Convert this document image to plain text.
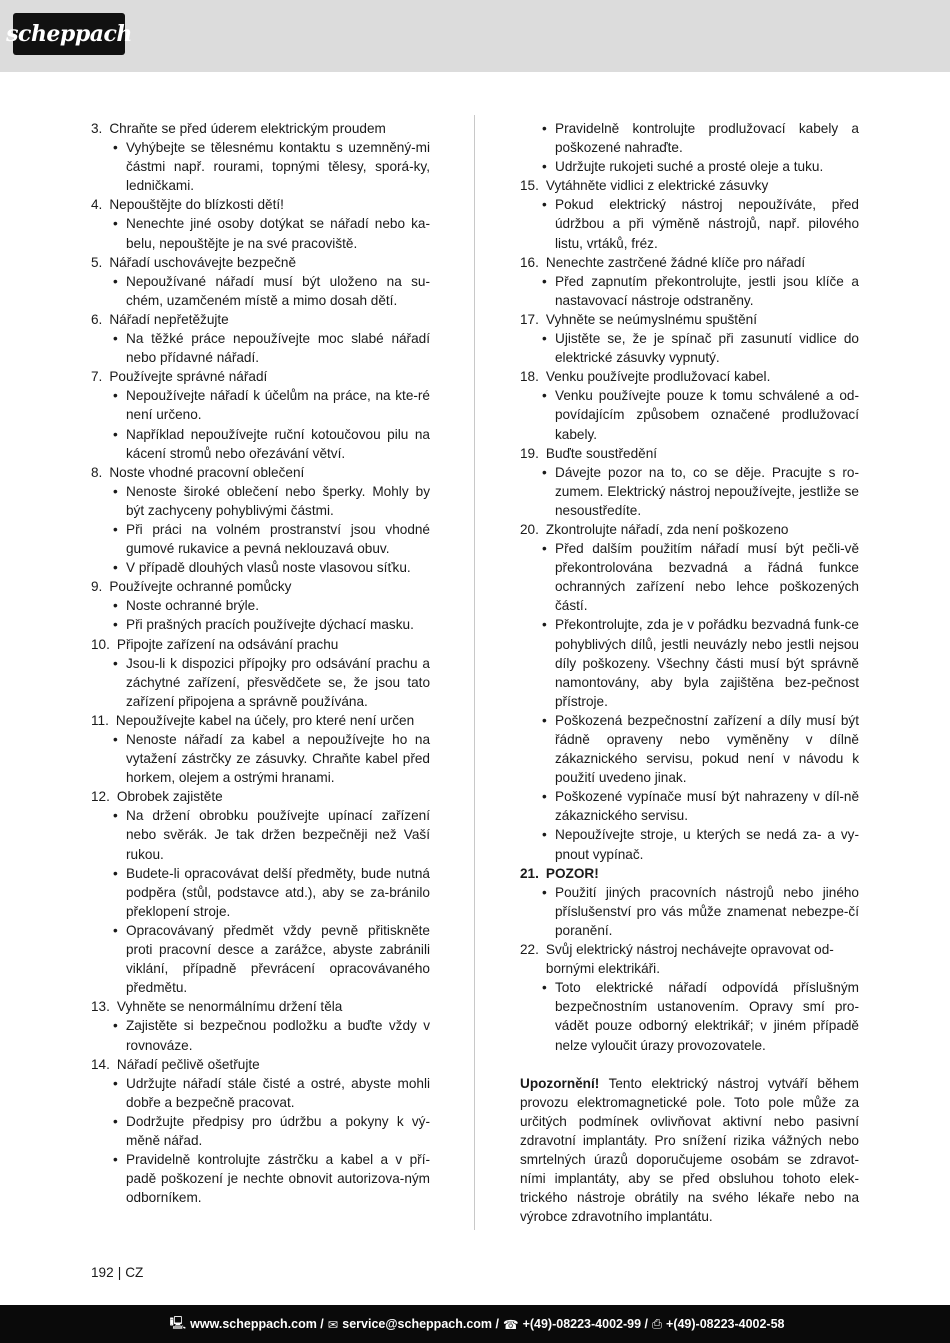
scheppach
3. Chraňte se před úderem elektrickým proudem
• Vyhýbejte se tělesnému kontaktu s uzemněný-mi částmi např. rourami, topnými tělesy, sporá-ky, ledničkami.
4. Nepouštějte do blízkosti dětí!
• Nenechte jiné osoby dotýkat se nářadí nebo ka-belu, nepouštějte je na své pracoviště.
5. Nářadí uschovávejte bezpečně
• Nepoužívané nářadí musí být uloženo na su-chém, uzamčeném místě a mimo dosah dětí.
6. Nářadí nepřetěžujte
• Na těžké práce nepoužívejte moc slabé nářadí nebo přídavné nářadí.
7. Používejte správné nářadí
• Nepoužívejte nářadí k účelům na práce, na kte-ré není určeno.
• Například nepoužívejte ruční kotoučovou pilu na kácení stromů nebo ořezávání větví.
8. Noste vhodné pracovní oblečení
• Nenoste široké oblečení nebo šperky. Mohly by být zachyceny pohyblivými částmi.
• Při práci na volném prostranství jsou vhodné gumové rukavice a pevná neklouzavá obuv.
• V případě dlouhých vlasů noste vlasovou síťku.
9. Používejte ochranné pomůcky
• Noste ochranné brýle.
• Při prašných pracích používejte dýchací masku.
10. Připojte zařízení na odsávání prachu
• Jsou-li k dispozici přípojky pro odsávání prachu a záchytné zařízení, přesvědčete se, že jsou tato zařízení připojena a správně používána.
11. Nepoužívejte kabel na účely, pro které není určen
• Nenoste nářadí za kabel a nepoužívejte ho na vytažení zástrčky ze zásuvky. Chraňte kabel před horkem, olejem a ostrými hranami.
12. Obrobek zajistěte
• Na držení obrobku používejte upínací zařízení nebo svěrák. Je tak držen bezpečněji než Vaší rukou.
• Budete-li opracovávat delší předměty, bude nutná podpěra (stůl, podstavce atd.), aby se za-bránilo překlopení stroje.
• Opracovávaný předmět vždy pevně přitiskněte proti pracovní desce a zarážce, abyste zabránili viklání, případně převrácení opracovávaného předmětu.
13. Vyhněte se nenormálnímu držení těla
• Zajistěte si bezpečnou podložku a buďte vždy v rovnováze.
14. Nářadí pečlivě ošetřujte
• Udržujte nářadí stále čisté a ostré, abyste mohli dobře a bezpečně pracovat.
• Dodržujte předpisy pro údržbu a pokyny k vý-měně nářad.
• Pravidelně kontrolujte zástrčku a kabel a v pří-padě poškození je nechte obnovit autorizova-ným odborníkem.
• Pravidelně kontrolujte prodlužovací kabely a poškozené nahraďte.
• Udržujte rukojeti suché a prosté oleje a tuku.
15. Vytáhněte vidlici z elektrické zásuvky
• Pokud elektrický nástroj nepoužíváte, před údržbou a při výměně nástrojů, např. pilového listu, vrtáků, fréz.
16. Nenechte zastrčené žádné klíče pro nářadí
• Před zapnutím překontrolujte, jestli jsou klíče a nastavovací nástroje odstraněny.
17. Vyhněte se neúmyslnému spuštění
• Ujistěte se, že je spínač při zasunutí vidlice do elektrické zásuvky vypnutý.
18. Venku používejte prodlužovací kabel.
• Venku používejte pouze k tomu schválené a od-povídajícím způsobem označené prodlužovací kabely.
19. Buďte soustředění
• Dávejte pozor na to, co se děje. Pracujte s ro-zumem. Elektrický nástroj nepoužívejte, jestliže se nesoustředíte.
20. Zkontrolujte nářadí, zda není poškozeno
• Před dalším použitím nářadí musí být pečli-vě překontrolována bezvadná a řádná funkce ochranných zařízení nebo lehce poškozených částí.
• Překontrolujte, zda je v pořádku bezvadná funk-ce pohyblivých dílů, jestli neuvázly nebo jestli nejsou díly poškozeny. Všechny části musí být správně namontovány, aby byla zajištěna bez-pečnost přístroje.
• Poškozená bezpečnostní zařízení a díly musí být řádně opraveny nebo vyměněny v dílně zákaznického servisu, pokud není v návodu k použití uvedeno jinak.
• Poškozené vypínače musí být nahrazeny v díl-ně zákaznického servisu.
• Nepoužívejte stroje, u kterých se nedá za- a vy-pnout vypínač.
21. POZOR!
• Použití jiných pracovních nástrojů nebo jiného příslušenství pro vás může znamenat nebezpe-čí poranění.
22. Svůj elektrický nástroj nechávejte opravovat od-bornými elektrikáři.
• Toto elektrické nářadí odpovídá příslušným bezpečnostním ustanovením. Opravy smí pro-vádět pouze odborný elektrikář; v jiném případě nelze vyloučit úrazy provozovatele.
Upozornění! Tento elektrický nástroj vytváří během provozu elektromagnetické pole. Toto pole může za určitých podmínek ovlivňovat aktivní nebo pasivní zdravotní implantáty. Pro snížení rizika vážných nebo smrtelných úrazů doporučujeme osobám se zdravot-ními implantáty, aby se před obsluhou tohoto elek-trického nástroje obrátily na svého lékaře nebo na výrobce zdravotního implantátu.
192 | CZ
🖳 www.scheppach.com / ✉ service@scheppach.com / ☎ +(49)-08223-4002-99 / ⎙ +(49)-08223-4002-58
